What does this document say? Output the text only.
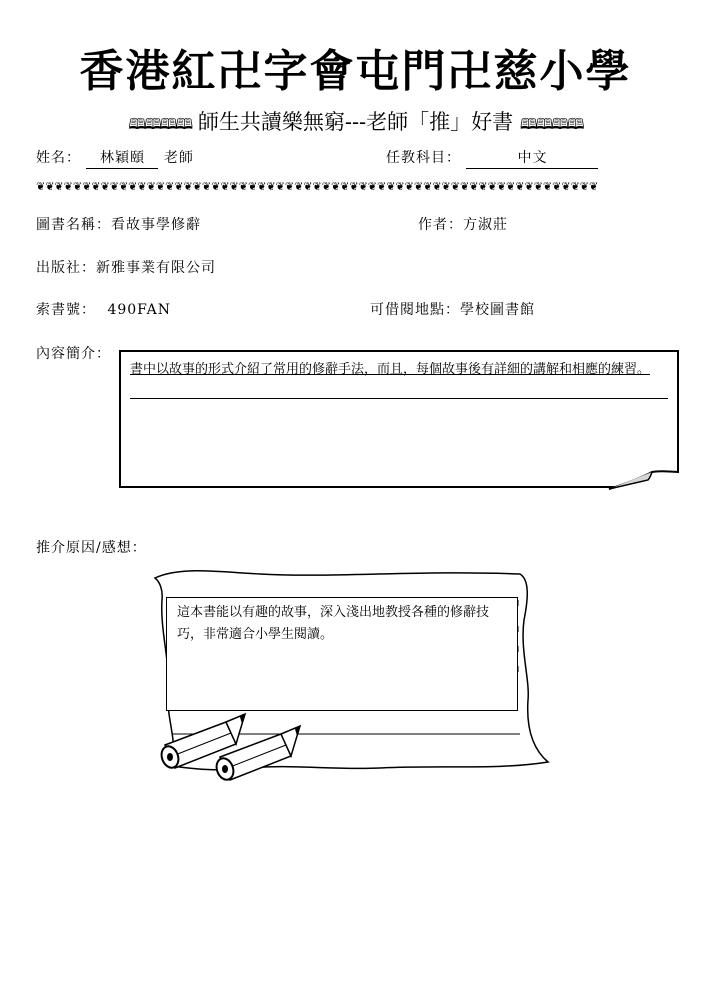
香港紅卍字會屯門卍慈小學
🕮🕮🕮🕮 師生共讀樂無窮---老師「推」好書 🕮🕮🕮🕮
姓名： 林穎頤 老師	任教科目：	中文
❦❦❦❦❦❦❦❦❦❦❦❦❦❦❦❦❦❦❦❦❦❦❦❦❦❦❦❦❦❦❦❦❦❦❦❦❦❦❦❦❦❦❦❦❦❦❦❦❦❦❦❦❦❦❦❦❦❦❦❦❦
圖書名稱：看故事學修辭	作者：方淑莊
出版社：新雅事業有限公司
索書號： 490FAN	可借閱地點：學校圖書館
內容簡介：
書中以故事的形式介紹了常用的修辭手法，而且，每個故事後有詳細的講解和相應的練習。
推介原因/感想：
這本書能以有趣的故事，深入淺出地教授各種的修辭技巧，非常適合小學生閱讀。
